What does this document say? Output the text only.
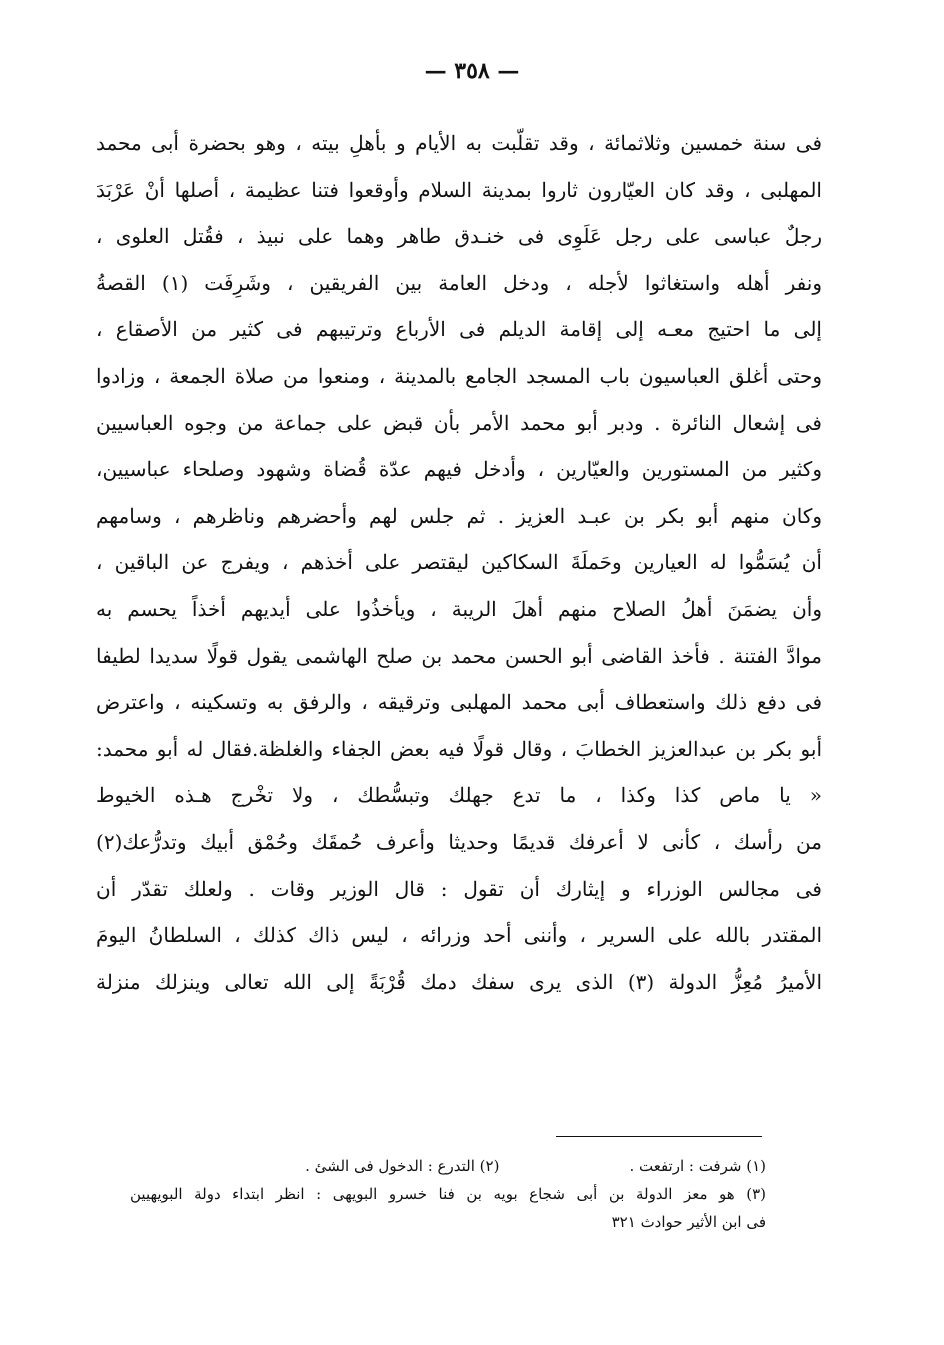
— ٣٥٨ —
فى سنة خمسين وثلاثمائة ، وقد تقلّبت به الأيام و بأهلِ بيته ، وهو بحضرة أبى محمد
المهلبى ، وقد كان العيّارون ثاروا بمدينة السلام وأوقعوا فتنا عظيمة ، أصلها أنْ عَرْبَدَ
رجلٌ عباسى على رجل عَلَوِى فى خنـدق طاهر وهما على نبيذ ، فقُتل العلوى ،
ونفر أهله واستغاثوا لأجله ، ودخل العامة بين الفريقين ، وشَرِفَت (١) القصةُ
إلى ما احتيج معـه إلى إقامة الديلم فى الأرباع وترتيبهم فى كثير من الأصقاع ،
وحتى أغلق العباسيون باب المسجد الجامع بالمدينة ، ومنعوا من صلاة الجمعة ، وزادوا
فى إشعال النائرة . ودبر أبو محمد الأمر بأن قبض على جماعة من وجوه العباسيين
وكثير من المستورين والعيّارين ، وأدخل فيهم عدّة قُضاة وشهود وصلحاء عباسيين،
وكان منهم أبو بكر بن عبـد العزيز . ثم جلس لهم وأحضرهم وناظرهم ، وسامهم
أن يُسَمُّوا له العيارين وحَملَةَ السكاكين ليقتصر على أخذهم ، ويفرج عن الباقين ،
وأن يضمَنَ أهلُ الصلاح منهم أهلَ الريبة ، ويأخذُوا على أيديهم أخذاً يحسم به
موادَّ الفتنة . فأخذ القاضى أبو الحسن محمد بن صلح الهاشمى يقول قولًا سديدا لطيفا
فى دفع ذلك واستعطاف أبى محمد المهلبى وترقيقه ، والرفق به وتسكينه ، واعترض
أبو بكر بن عبدالعزيز الخطابَ ، وقال قولًا فيه بعض الجفاء والغلظة.فقال له أبو محمد:
« يا ماص كذا وكذا ، ما تدع جهلك وتبسُّطك ، ولا تخْرج هـذه الخيوط
من رأسك ، كأنى لا أعرفك قديمًا وحديثا وأعرف حُمقَك وحُمْق أبيك وتدرُّعك(٢)
فى مجالس الوزراء و إيثارك أن تقول : قال الوزير وقات . ولعلك تقدّر أن
المقتدر بالله على السرير ، وأننى أحد وزرائه ، ليس ذاك كذلك ، السلطانُ اليومَ
الأميرُ مُعِزُّ الدولة (٣) الذى يرى سفك دمك قُرْبَةً إلى الله تعالى وينزلك منزلة
(١) شرفت : ارتفعت .
(٢) التدرع : الدخول فى الشئ .
(٣) هو معز الدولة بن أبى شجاع بويه بن فنا خسرو البويهى : انظر ابتداء دولة البويهيين
فى ابن الأثير حوادث ٣٢١
